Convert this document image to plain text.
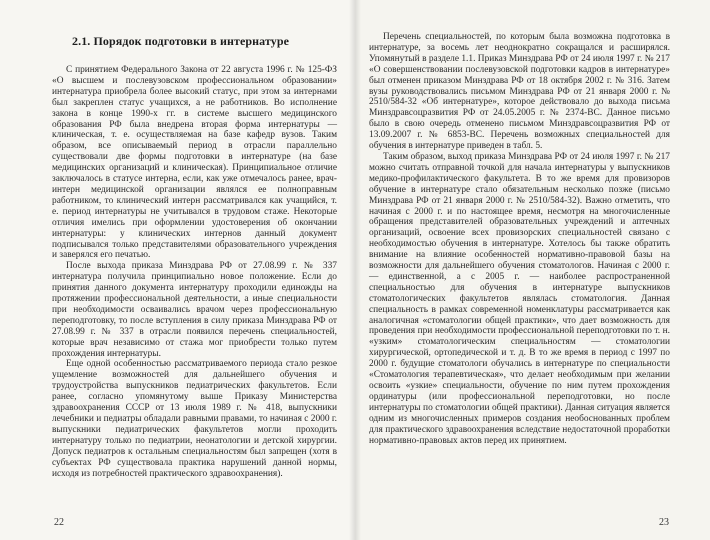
2.1. Порядок подготовки в интернатуре

С принятием Федерального Закона от 22 августа 1996 г. № 125-ФЗ «О высшем и послевузовском профессиональном образовании» интернатура приобрела более высокий статус, при этом за интернами был закреплен статус учащихся, а не работников. Во исполнение закона в конце 1990-х гг. в системе высшего медицинского образования РФ была внедрена вторая форма интернатуры — клиническая, т. е. осуществляемая на базе кафедр вузов. Таким образом, все описываемый период в отрасли параллельно существовали две формы подготовки в интернатуре (на базе медицинских организаций и клиническая). Принципиальное отличие заключалось в статусе интерна, если, как уже отмечалось ранее, врач-интерн медицинской организации являлся ее полноправным работником, то клинический интерн рассматривался как учащийся, т. е. период интернатуры не учитывался в трудовом стаже. Некоторые отличия имелись при оформлении удостоверения об окончании интернатуры: у клинических интернов данный документ подписывался только представителями образовательного учреждения и заверялся его печатью.

После выхода приказа Минздрава РФ от 27.08.99 г. № 337 интернатура получила принципиально новое положение. Если до принятия данного документа интернатуру проходили единожды на протяжении профессиональной деятельности, а иные специальности при необходимости осваивались врачом через профессиональную переподготовку, то после вступления в силу приказа Минздрава РФ от 27.08.99 г. № 337 в отрасли появился перечень специальностей, которые врач независимо от стажа мог приобрести только путем прохождения интернатуры.

Еще одной особенностью рассматриваемого периода стало резкое ущемление возможностей для дальнейшего обучения и трудоустройства выпускников педиатрических факультетов. Если ранее, согласно упомянутому выше Приказу Министерства здравоохранения СССР от 13 июля 1989 г. № 418, выпускники лечебники и педиатры обладали равными правами, то начиная с 2000 г. выпускники педиатрических факультетов могли проходить интернатуру только по педиатрии, неонатологии и детской хирургии. Допуск педиатров к остальным специальностям был запрещен (хотя в субъектах РФ существовала практика нарушений данной нормы, исходя из потребностей практического здравоохранения).

22

Перечень специальностей, по которым была возможна подготовка в интернатуре, за восемь лет неоднократно сокращался и расширялся. Упомянутый в разделе 1.1. Приказ Минздрава РФ от 24 июля 1997 г. № 217 «О совершенствовании послевузовской подготовки кадров в интернатуре» был отменен приказом Минздрава РФ от 18 октября 2002 г. № 316. Затем вузы руководствовались письмом Минздрава РФ от 21 января 2000 г. № 2510/584-32 «Об интернатуре», которое действовало до выхода письма Минздравсоцразвития РФ от 24.05.2005 г. № 2374-ВС. Данное письмо было в свою очередь отменено письмом Минздравсоцразвития РФ от 13.09.2007 г. № 6853-ВС. Перечень возможных специальностей для обучения в интернатуре приведен в табл. 5.

Таким образом, выход приказа Минздрава РФ от 24 июля 1997 г. № 217 можно считать отправной точкой для начала интернатуры у выпускников медико-профилактического факультета. В то же время для провизоров обучение в интернатуре стало обязательным несколько позже (письмо Минздрава РФ от 21 января 2000 г. № 2510/584-32). Важно отметить, что начиная с 2000 г. и по настоящее время, несмотря на многочисленные обращения представителей образовательных учреждений и аптечных организаций, освоение всех провизорских специальностей связано с необходимостью обучения в интернатуре. Хотелось бы также обратить внимание на влияние особенностей нормативно-правовой базы на возможности для дальнейшего обучения стоматологов. Начиная с 2000 г. — единственной, а с 2005 г. — наиболее распространенной специальностью для обучения в интернатуре выпускников стоматологических факультетов являлась стоматология. Данная специальность в рамках современной номенклатуры рассматривается как аналогичная «стоматологии общей практики», что дает возможность для проведения при необходимости профессиональной переподготовки по т. н. «узким» стоматологическим специальностям — стоматологии хирургической, ортопедической и т. д. В то же время в период с 1997 по 2000 г. будущие стоматологи обучались в интернатуре по специальности «Стоматология терапевтическая», что делает необходимым при желании освоить «узкие» специальности, обучение по ним путем прохождения ординатуры (или профессиональной переподготовки, но после интернатуры по стоматологии общей практики). Данная ситуация является одним из многочисленных примеров создания необоснованных проблем для практического здравоохранения вследствие недостаточной проработки нормативно-правовых актов перед их принятием.

23
